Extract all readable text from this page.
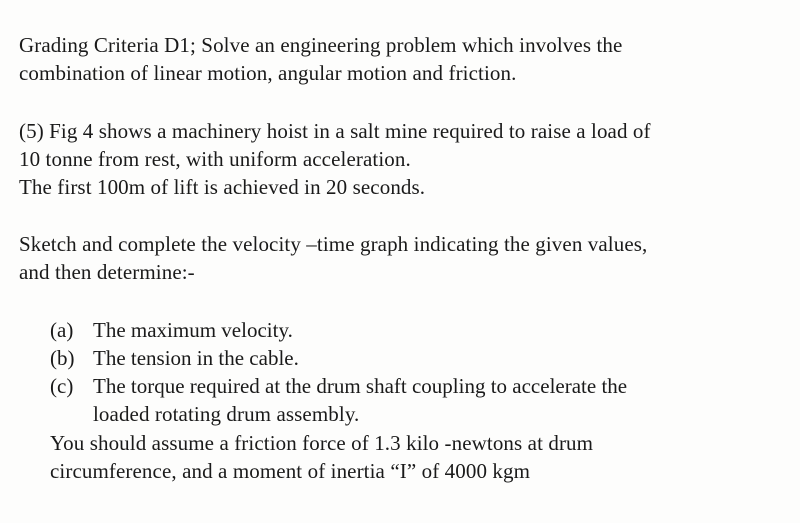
Grading Criteria D1; Solve an engineering problem which involves the
combination of linear motion, angular motion and friction.
(5) Fig 4 shows a machinery hoist in a salt mine required to raise a load of
10 tonne from rest, with uniform acceleration.
The first 100m of lift is achieved in 20 seconds.
Sketch and complete the velocity –time graph indicating the given values,
and then determine:-
(a) The maximum velocity.
(b) The tension in the cable.
(c) The torque required at the drum shaft coupling to accelerate the
loaded rotating drum assembly.
You should assume a friction force of 1.3 kilo -newtons at drum
circumference, and a moment of inertia “I” of 4000 kgm
